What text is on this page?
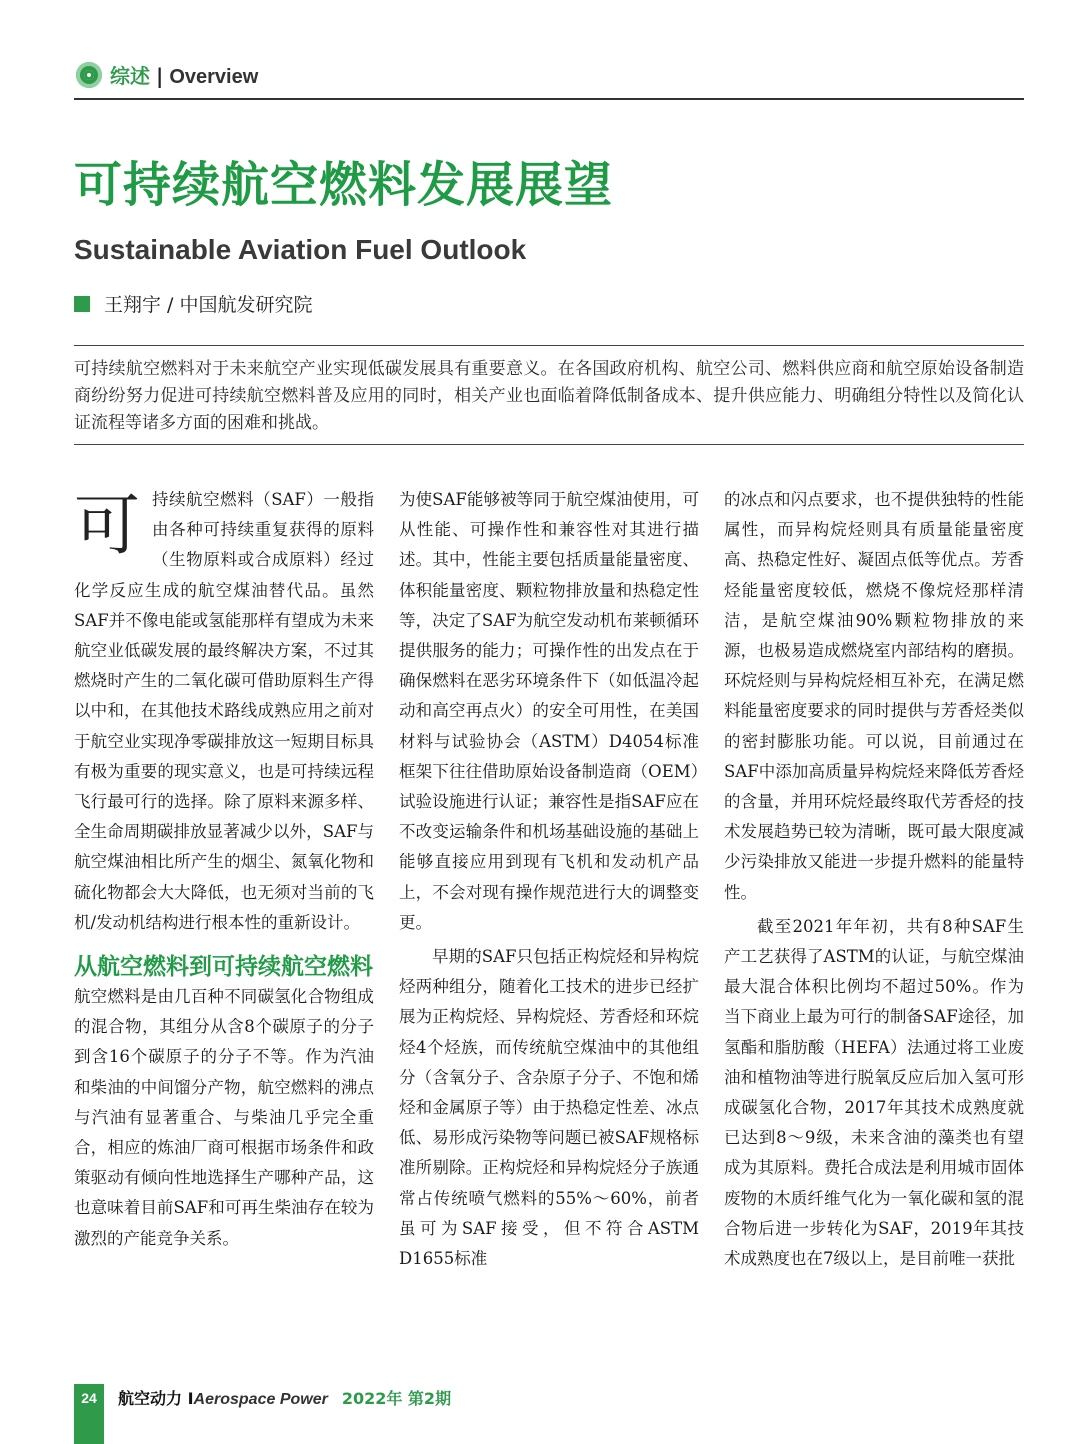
综述 | Overview
可持续航空燃料发展展望
Sustainable Aviation Fuel Outlook
王翔宇 / 中国航发研究院
可持续航空燃料对于未来航空产业实现低碳发展具有重要意义。在各国政府机构、航空公司、燃料供应商和航空原始设备制造商纷纷努力促进可持续航空燃料普及应用的同时，相关产业也面临着降低制备成本、提升供应能力、明确组分特性以及简化认证流程等诸多方面的困难和挑战。

可持续航空燃料（SAF）一般指由各种可持续重复获得的原料（生物原料或合成原料）经过化学反应生成的航空煤油替代品。虽然SAF并不像电能或氢能那样有望成为未来航空业低碳发展的最终解决方案，不过其燃烧时产生的二氧化碳可借助原料生产得以中和，在其他技术路线成熟应用之前对于航空业实现净零碳排放这一短期目标具有极为重要的现实意义，也是可持续远程飞行最可行的选择。除了原料来源多样、全生命周期碳排放显著减少以外，SAF与航空煤油相比所产生的烟尘、氮氧化物和硫化物都会大大降低，也无须对当前的飞机/发动机结构进行根本性的重新设计。

从航空燃料到可持续航空燃料

航空燃料是由几百种不同碳氢化合物组成的混合物，其组分从含8个碳原子的分子到含16个碳原子的分子不等。作为汽油和柴油的中间馏分产物，航空燃料的沸点与汽油有显著重合、与柴油几乎完全重合，相应的炼油厂商可根据市场条件和政策驱动有倾向性地选择生产哪种产品，这也意味着目前SAF和可再生柴油存在较为激烈的产能竞争关系。

为使SAF能够被等同于航空煤油使用，可从性能、可操作性和兼容性对其进行描述。其中，性能主要包括质量能量密度、体积能量密度、颗粒物排放量和热稳定性等，决定了SAF为航空发动机布莱顿循环提供服务的能力；可操作性的出发点在于确保燃料在恶劣环境条件下（如低温冷起动和高空再点火）的安全可用性，在美国材料与试验协会（ASTM）D4054标准框架下往往借助原始设备制造商（OEM）试验设施进行认证；兼容性是指SAF应在不改变运输条件和机场基础设施的基础上能够直接应用到现有飞机和发动机产品上，不会对现有操作规范进行大的调整变更。

早期的SAF只包括正构烷烃和异构烷烃两种组分，随着化工技术的进步已经扩展为正构烷烃、异构烷烃、芳香烃和环烷烃4个烃族，而传统航空煤油中的其他组分（含氧分子、含杂原子分子、不饱和烯烃和金属原子等）由于热稳定性差、冰点低、易形成污染物等问题已被SAF规格标准所剔除。正构烷烃和异构烷烃分子族通常占传统喷气燃料的55%～60%，前者虽可为SAF接受，但不符合ASTM D1655标准

的冰点和闪点要求，也不提供独特的性能属性，而异构烷烃则具有质量能量密度高、热稳定性好、凝固点低等优点。芳香烃能量密度较低，燃烧不像烷烃那样清洁，是航空煤油90%颗粒物排放的来源，也极易造成燃烧室内部结构的磨损。环烷烃则与异构烷烃相互补充，在满足燃料能量密度要求的同时提供与芳香烃类似的密封膨胀功能。可以说，目前通过在SAF中添加高质量异构烷烃来降低芳香烃的含量，并用环烷烃最终取代芳香烃的技术发展趋势已较为清晰，既可最大限度减少污染排放又能进一步提升燃料的能量特性。

截至2021年年初，共有8种SAF生产工艺获得了ASTM的认证，与航空煤油最大混合体积比例均不超过50%。作为当下商业上最为可行的制备SAF途径，加氢酯和脂肪酸（HEFA）法通过将工业废油和植物油等进行脱氧反应后加入氢可形成碳氢化合物，2017年其技术成熟度就已达到8～9级，未来含油的藻类也有望成为其原料。费托合成法是利用城市固体废物的木质纤维气化为一氧化碳和氢的混合物后进一步转化为SAF，2019年其技术成熟度也在7级以上，是目前唯一获批

24	航空动力 IAerospace Power 2022年 第2期
